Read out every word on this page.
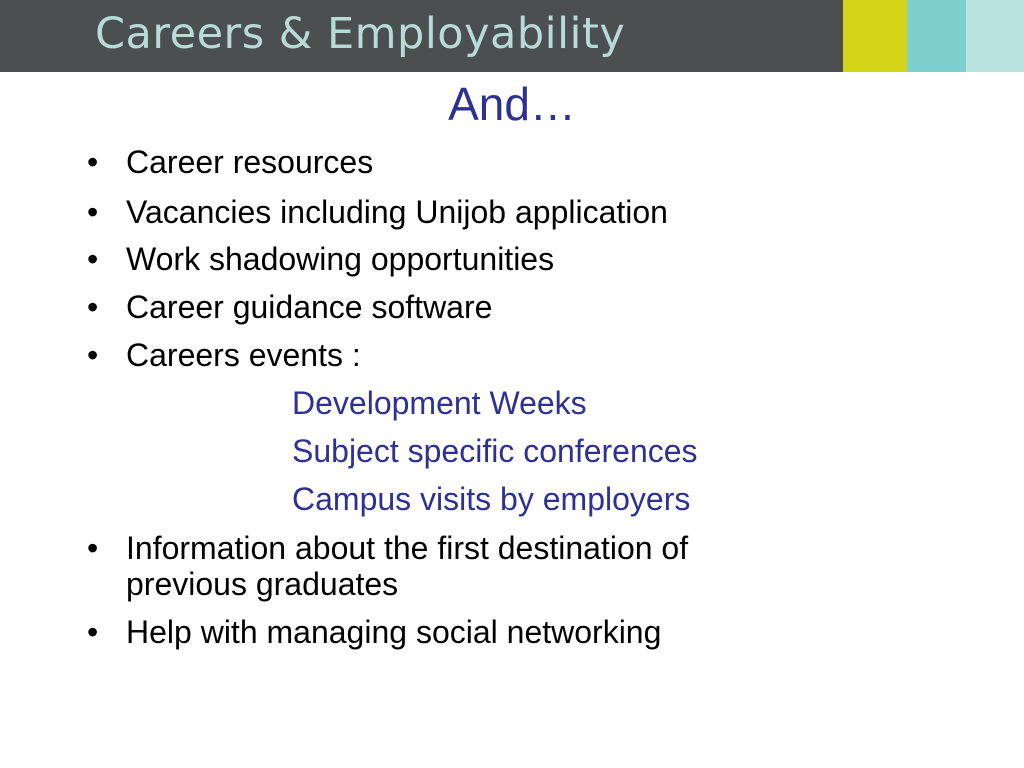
Careers & Employability
And…
• Career resources
• Vacancies including Unijob application
• Work shadowing opportunities
• Career guidance software
• Careers events :
• Information about the first destination of
previous graduates
• Help with managing social networking
Development Weeks
Subject specific conferences
Campus visits by employers
